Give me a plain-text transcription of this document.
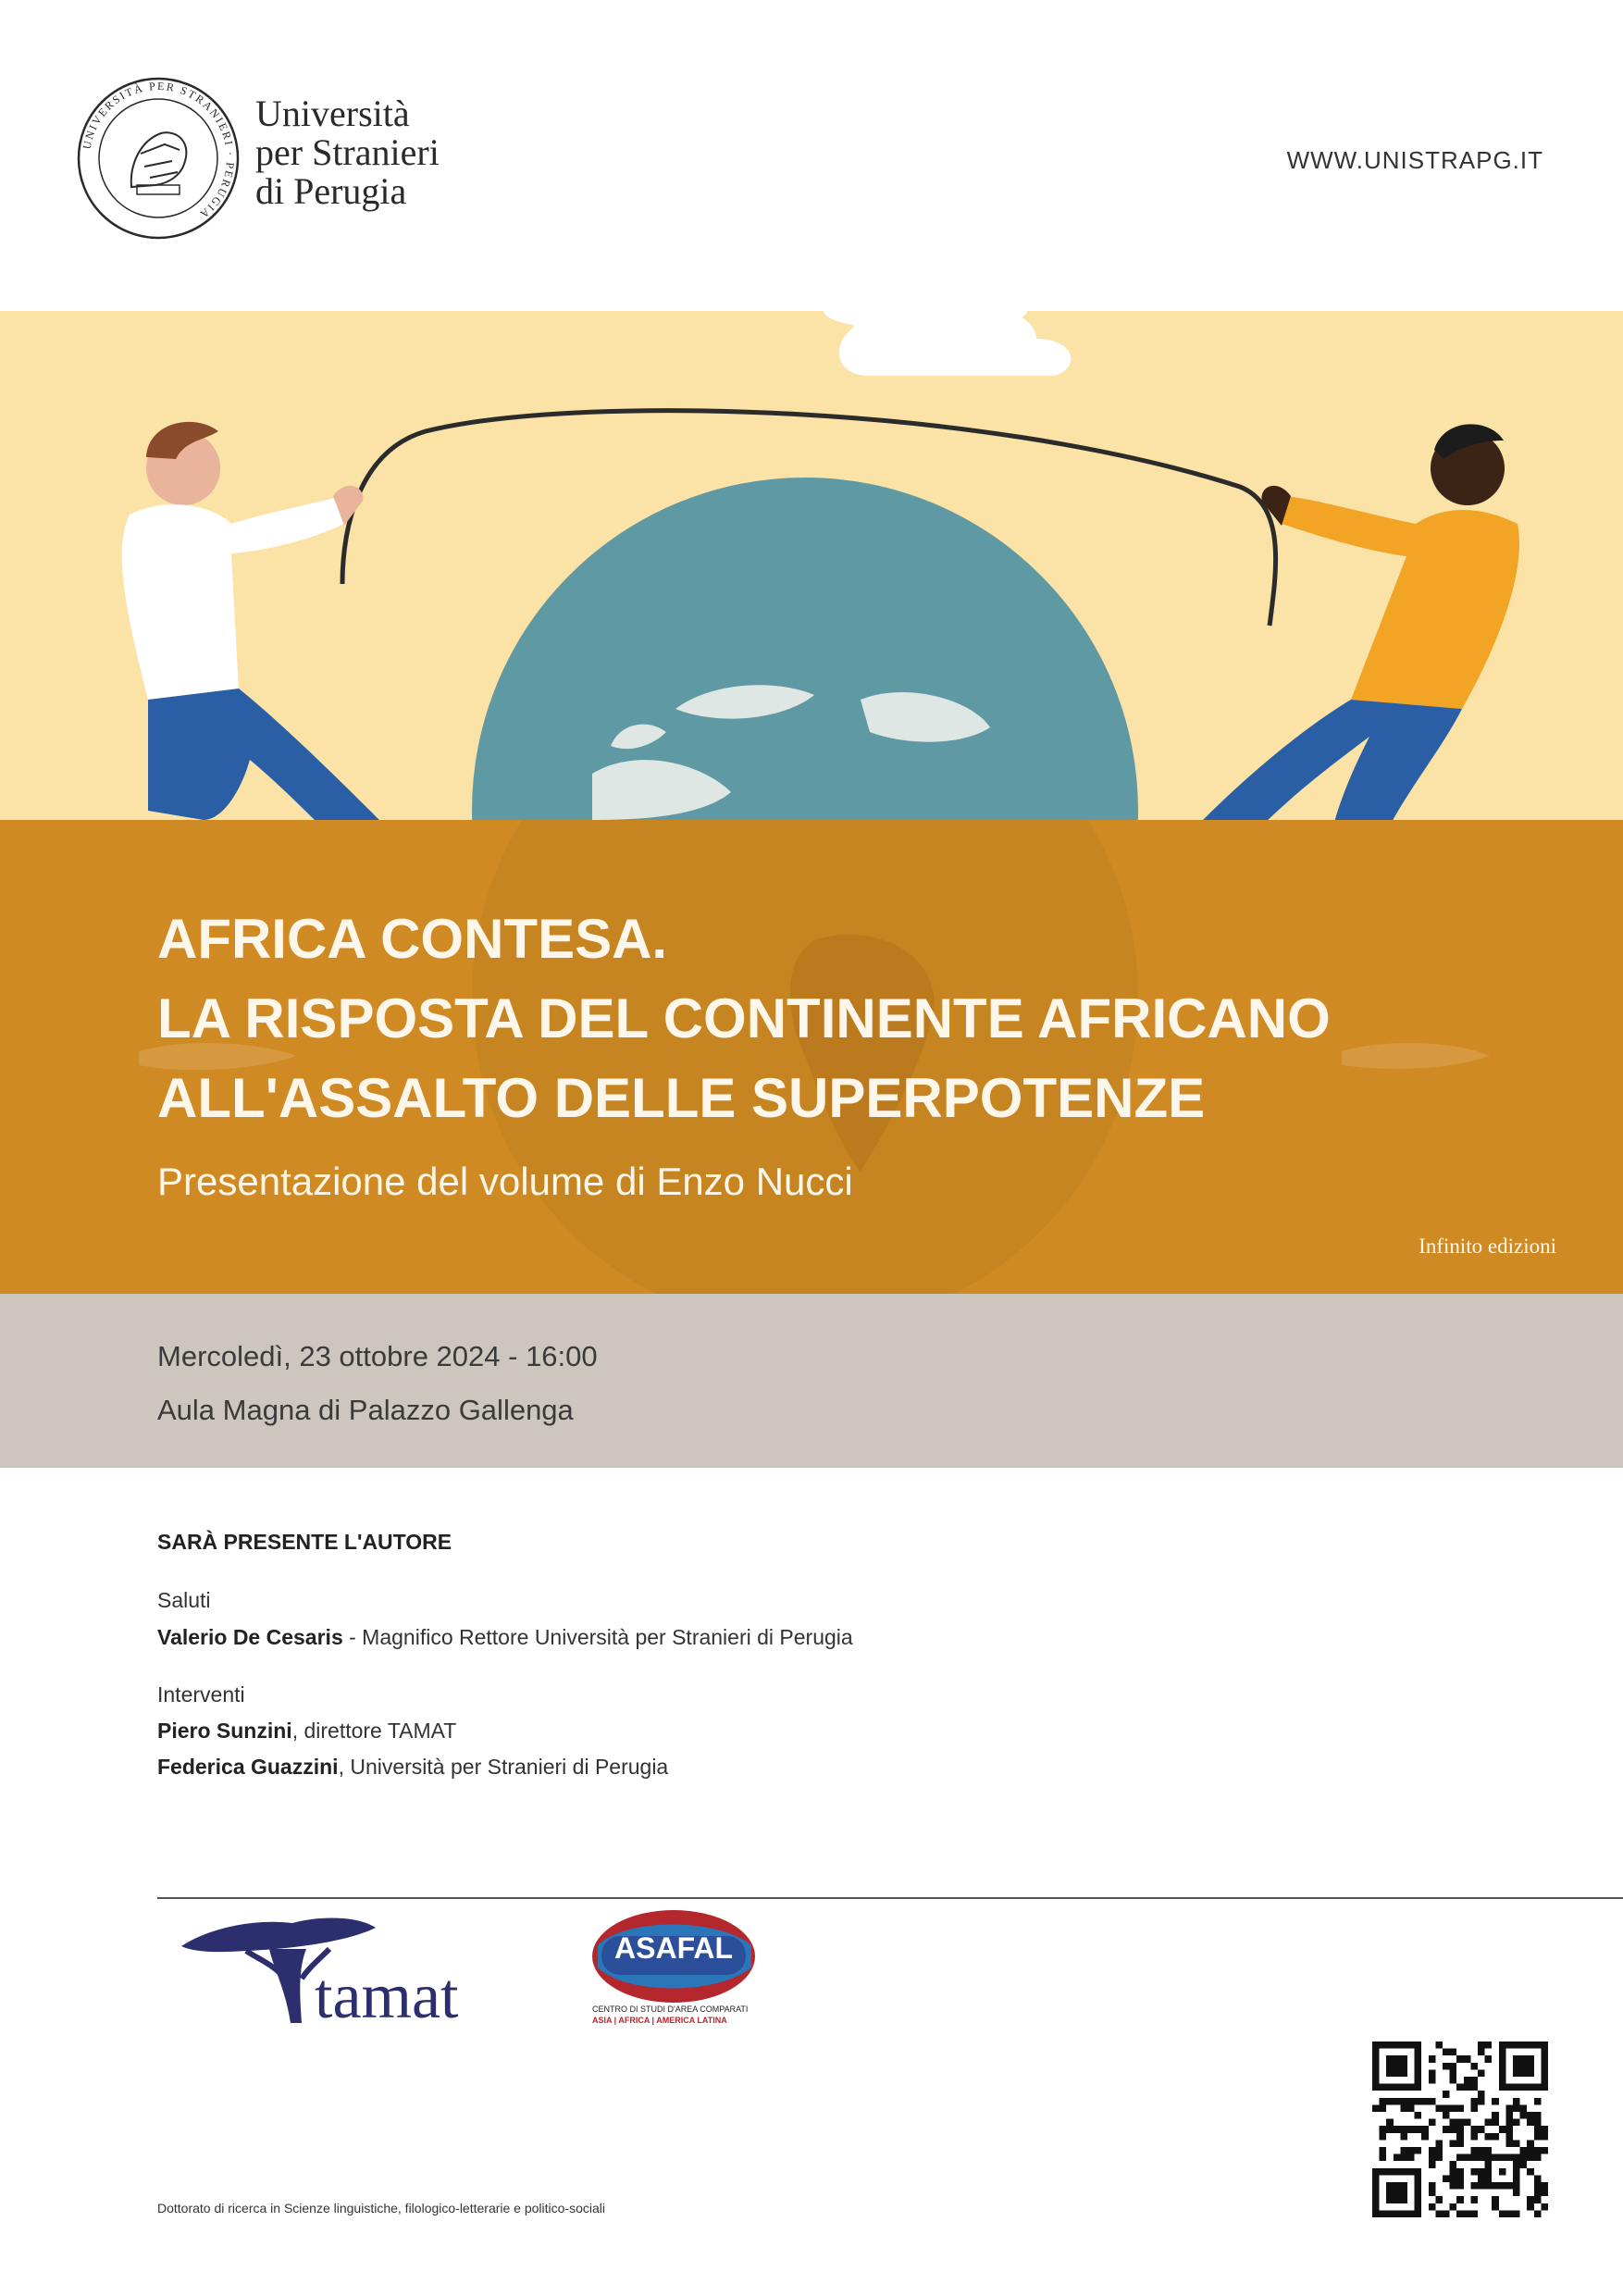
UNIVERSITÀ PER STRANIERI · PERUGIA
Università
per Stranieri
di Perugia
WWW.UNISTRAPG.IT
AFRICA CONTESA.
LA RISPOSTA DEL CONTINENTE AFRICANO
ALL'ASSALTO DELLE SUPERPOTENZE
Presentazione del volume di Enzo Nucci
Infinito edizioni
Mercoledì, 23 ottobre 2024 - 16:00
Aula Magna di Palazzo Gallenga
SARÀ PRESENTE L'AUTORE
Saluti
Valerio De Cesaris - Magnifico Rettore Università per Stranieri di Perugia
Interventi
Piero Sunzini, direttore TAMAT
Federica Guazzini, Università per Stranieri di Perugia
tamat
ASAFAL
CENTRO DI STUDI D'AREA COMPARATI
ASIA | AFRICA | AMERICA LATINA
Dottorato di ricerca in Scienze linguistiche, filologico-letterarie e politico-sociali
